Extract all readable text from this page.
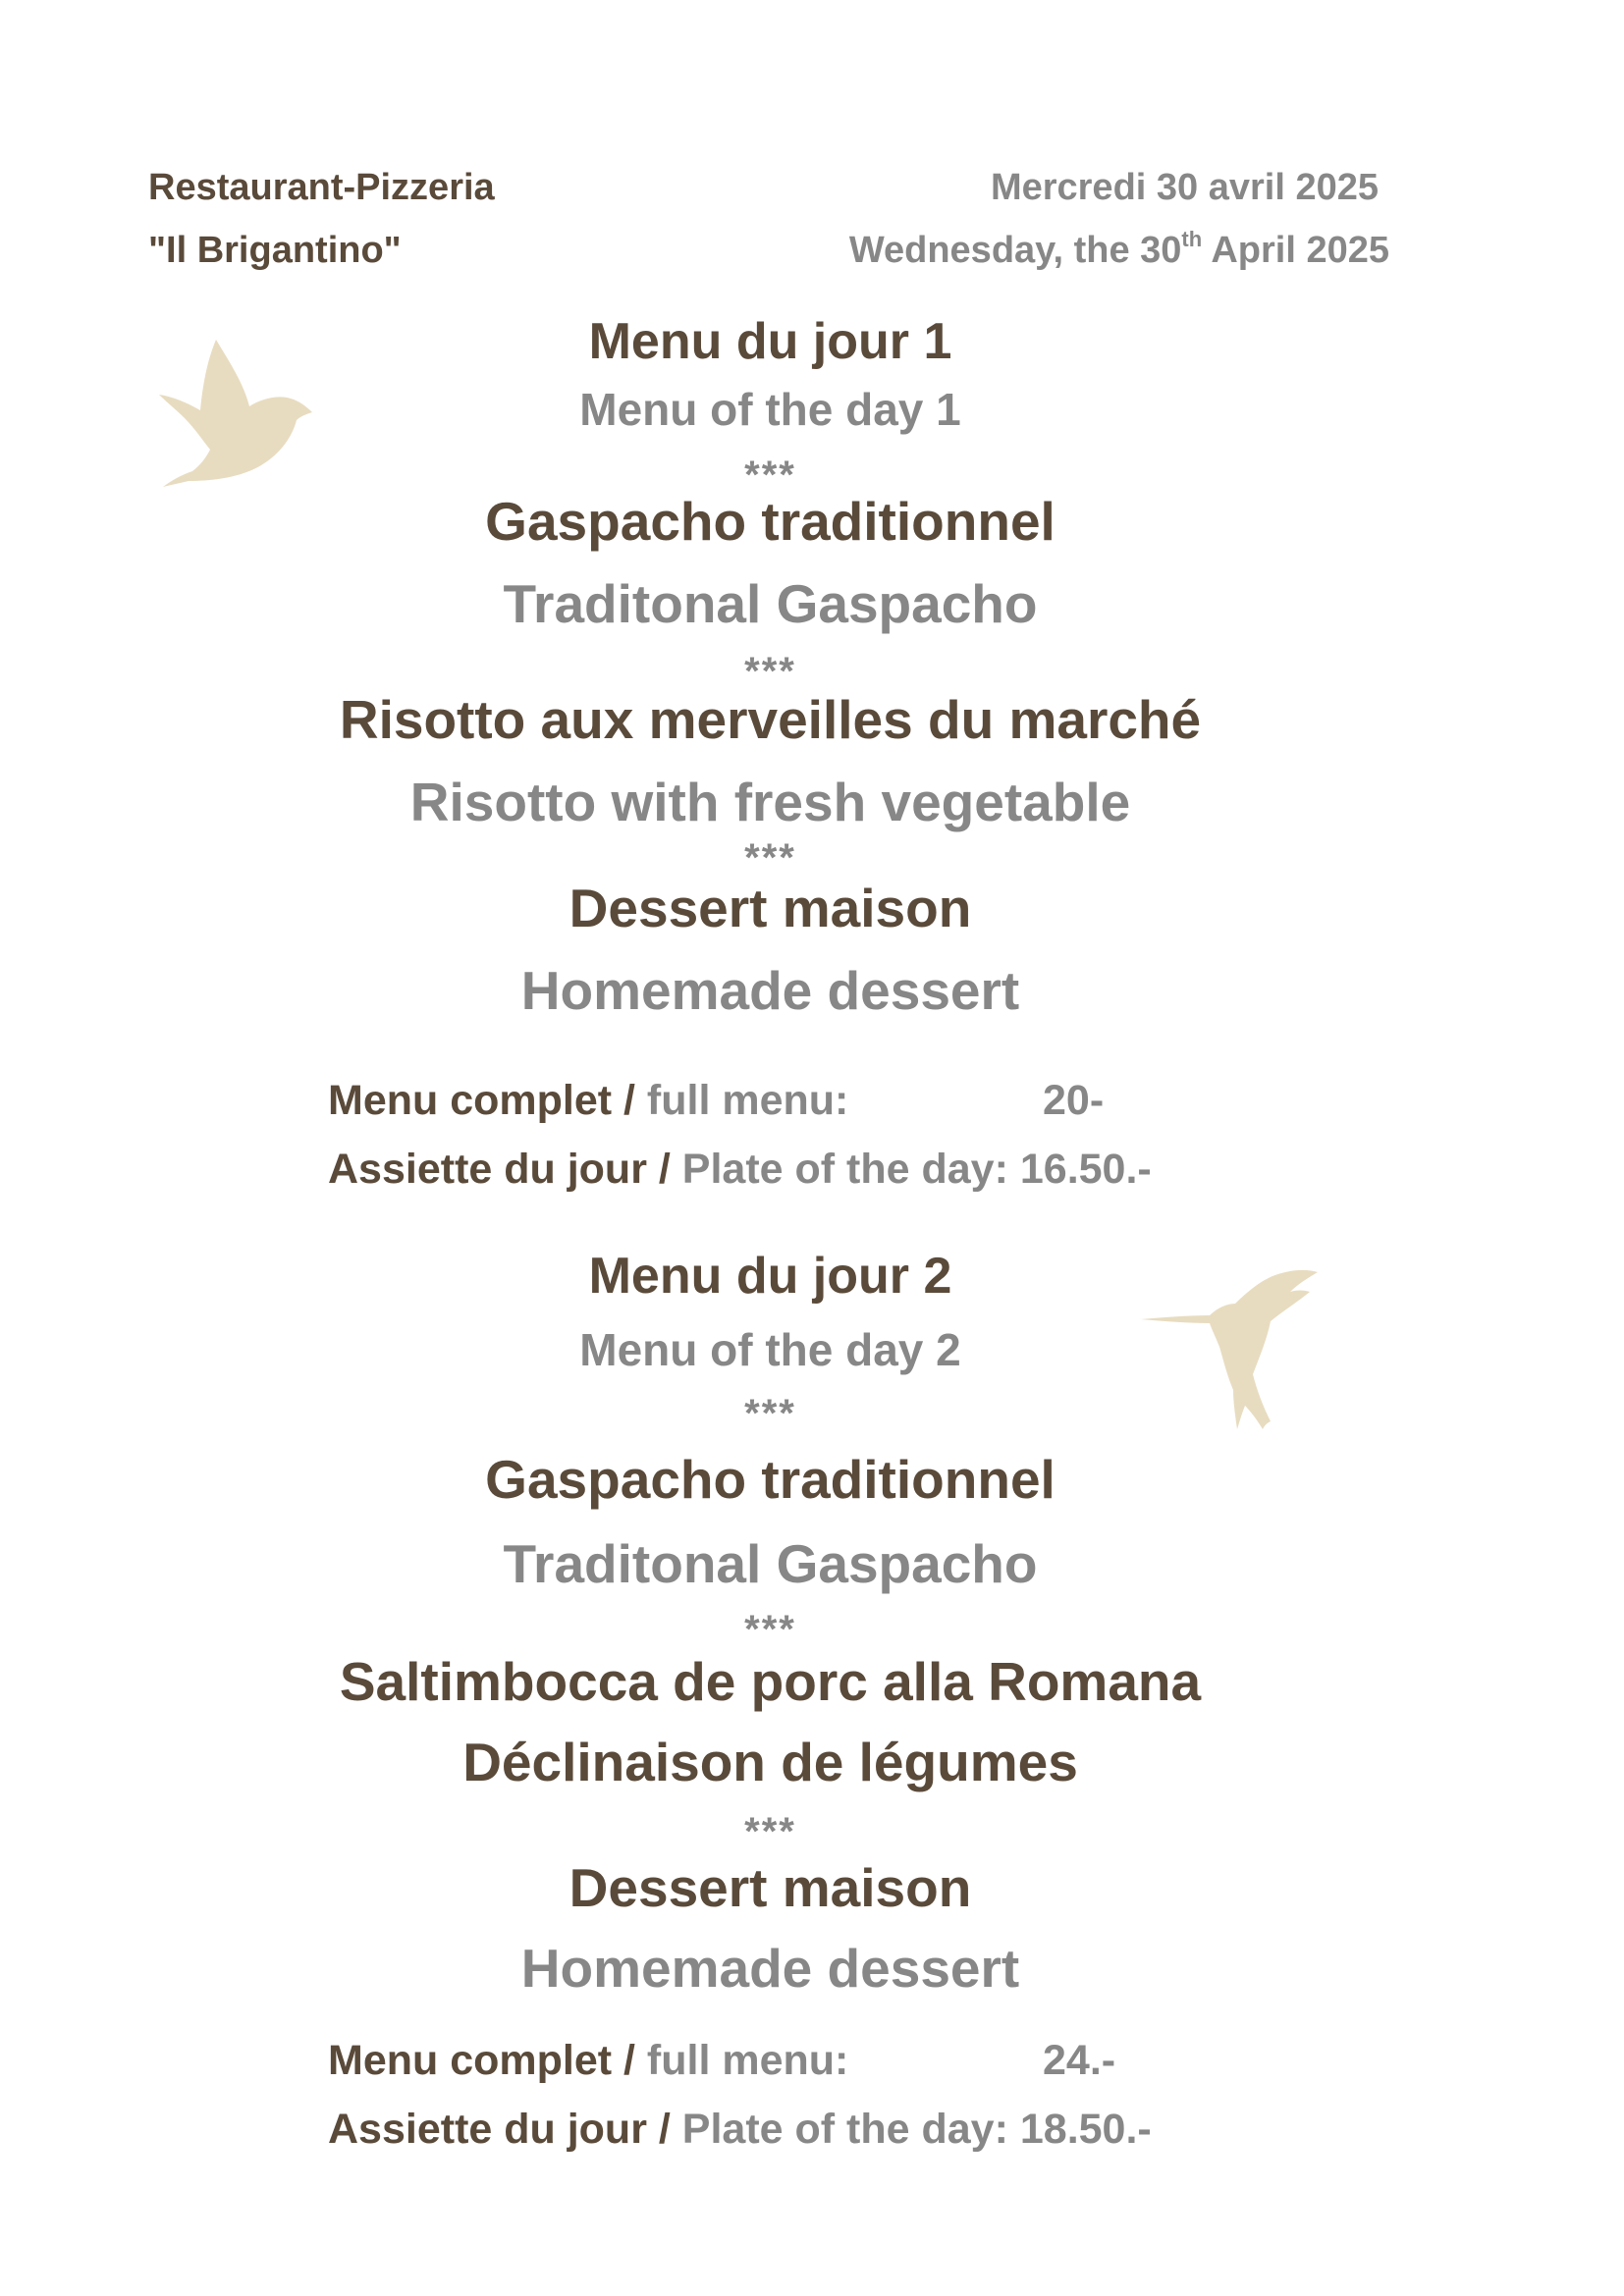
Restaurant-Pizzeria
"Il Brigantino"
Mercredi 30 avril 2025
Wednesday, the 30th April 2025
Menu du jour 1
Menu of the day 1
***
Gaspacho traditionnel
Traditonal Gaspacho
***
Risotto aux merveilles du marché
Risotto with fresh vegetable
***
Dessert maison
Homemade dessert
Menu complet / full menu:	20-
Assiette du jour / Plate of the day: 16.50.-
Menu du jour 2
Menu of the day 2
***
Gaspacho traditionnel
Traditonal Gaspacho
***
Saltimbocca de porc alla Romana
Déclinaison de légumes
***
Dessert maison
Homemade dessert
Menu complet / full menu:	24.-
Assiette du jour / Plate of the day: 18.50.-
